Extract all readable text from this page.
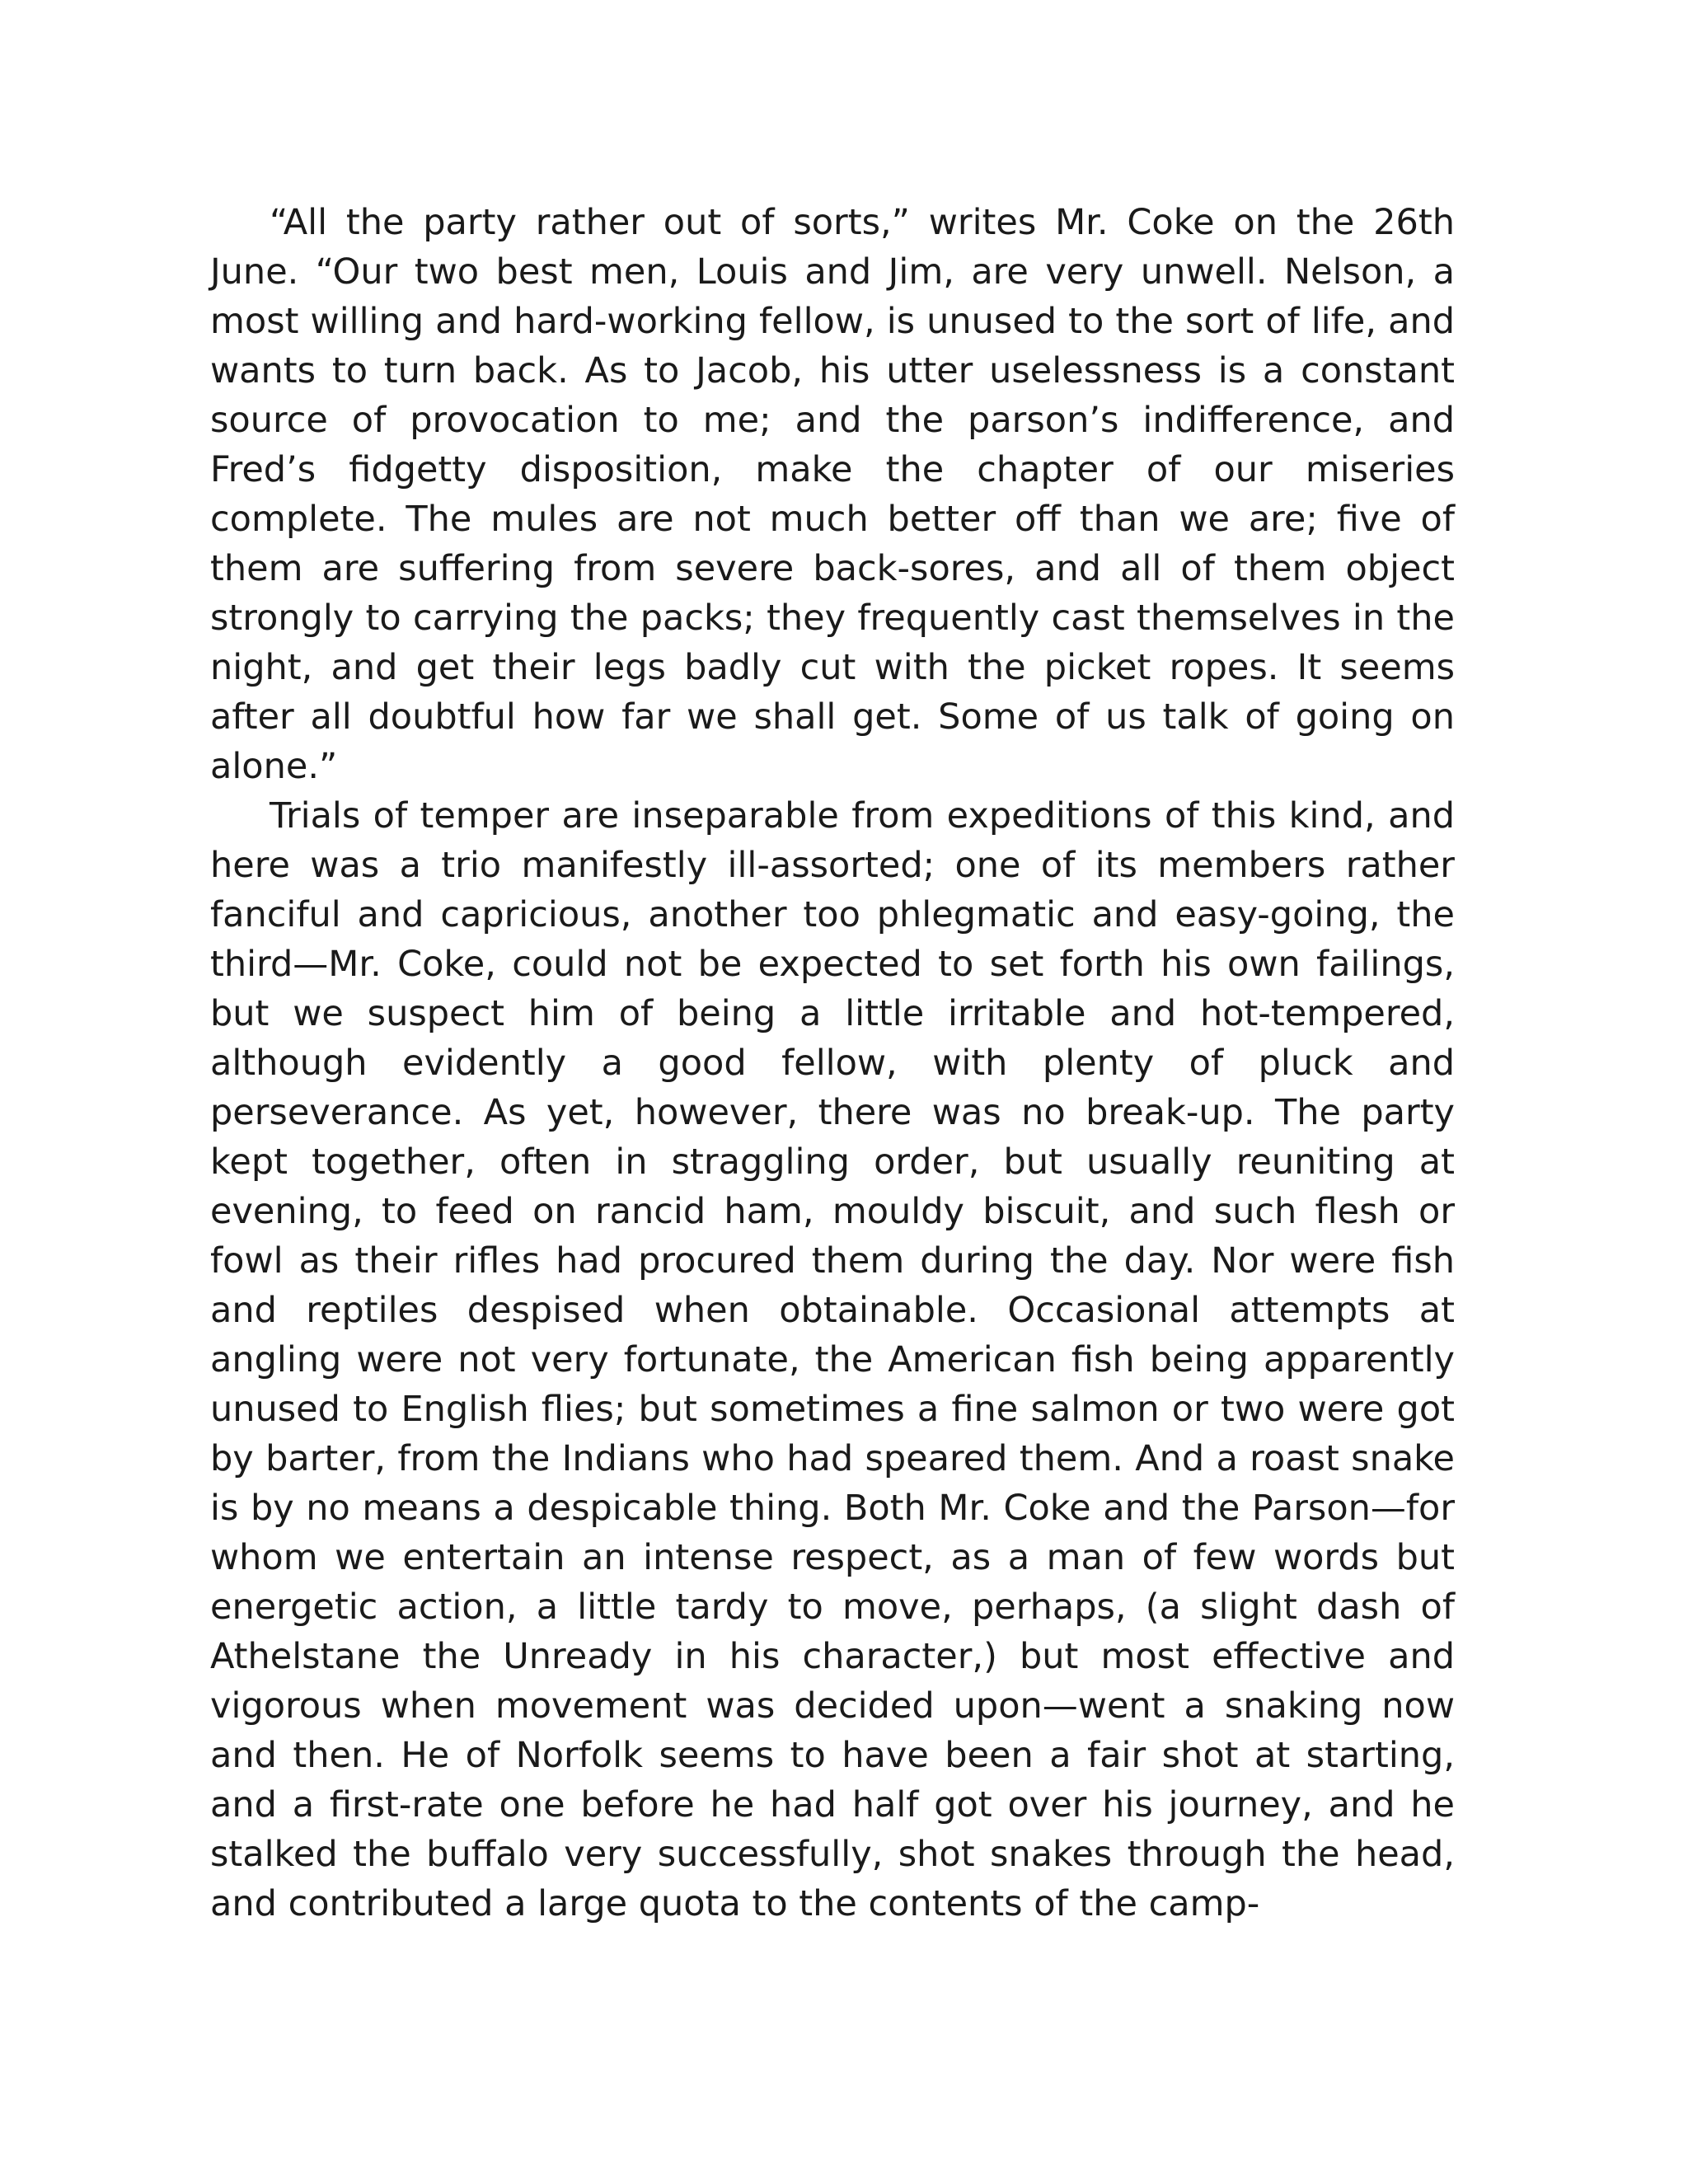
“All the party rather out of sorts,” writes Mr. Coke on the 26th June. “Our two best men, Louis and Jim, are very unwell. Nelson, a most willing and hard-working fellow, is unused to the sort of life, and wants to turn back. As to Jacob, his utter uselessness is a constant source of provocation to me; and the parson’s indifference, and Fred’s fidgetty disposition, make the chapter of our miseries complete. The mules are not much better off than we are; five of them are suffering from severe back-sores, and all of them object strongly to carrying the packs; they frequently cast themselves in the night, and get their legs badly cut with the picket ropes. It seems after all doubtful how far we shall get. Some of us talk of going on alone.”

Trials of temper are inseparable from expeditions of this kind, and here was a trio manifestly ill-assorted; one of its members rather fanciful and capricious, another too phlegmatic and easy-going, the third—Mr. Coke, could not be expected to set forth his own failings, but we suspect him of being a little irritable and hot-tempered, although evidently a good fellow, with plenty of pluck and perseverance. As yet, however, there was no break-up. The party kept together, often in straggling order, but usually reuniting at evening, to feed on rancid ham, mouldy biscuit, and such flesh or fowl as their rifles had procured them during the day. Nor were fish and reptiles despised when obtainable. Occasional attempts at angling were not very fortunate, the American fish being apparently unused to English flies; but sometimes a fine salmon or two were got by barter, from the Indians who had speared them. And a roast snake is by no means a despicable thing. Both Mr. Coke and the Parson—for whom we entertain an intense respect, as a man of few words but energetic action, a little tardy to move, perhaps, (a slight dash of Athelstane the Unready in his character,) but most effective and vigorous when movement was decided upon—went a snaking now and then. He of Norfolk seems to have been a fair shot at starting, and a first-rate one before he had half got over his journey, and he stalked the buffalo very successfully, shot snakes through the head, and contributed a large quota to the contents of the camp-
